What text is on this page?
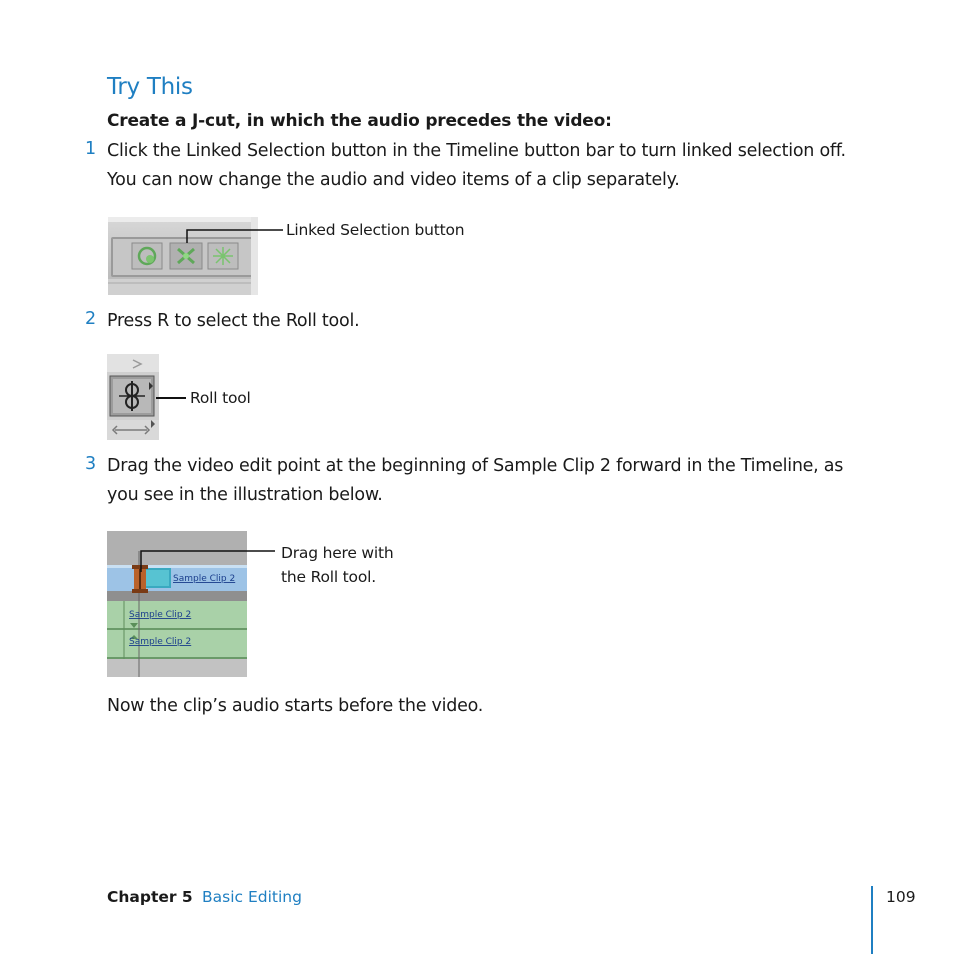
Try This
Create a J-cut, in which the audio precedes the video:
1 Click the Linked Selection button in the Timeline button bar to turn linked selection off.
You can now change the audio and video items of a clip separately.
Linked Selection button
2 Press R to select the Roll tool.
Roll tool
3 Drag the video edit point at the beginning of Sample Clip 2 forward in the Timeline, as
you see in the illustration below.
Sample Clip 2
Sample Clip 2
Sample Clip 2
Drag here with
the Roll tool.
Now the clip’s audio starts before the video.
Chapter 5 Basic Editing	109
